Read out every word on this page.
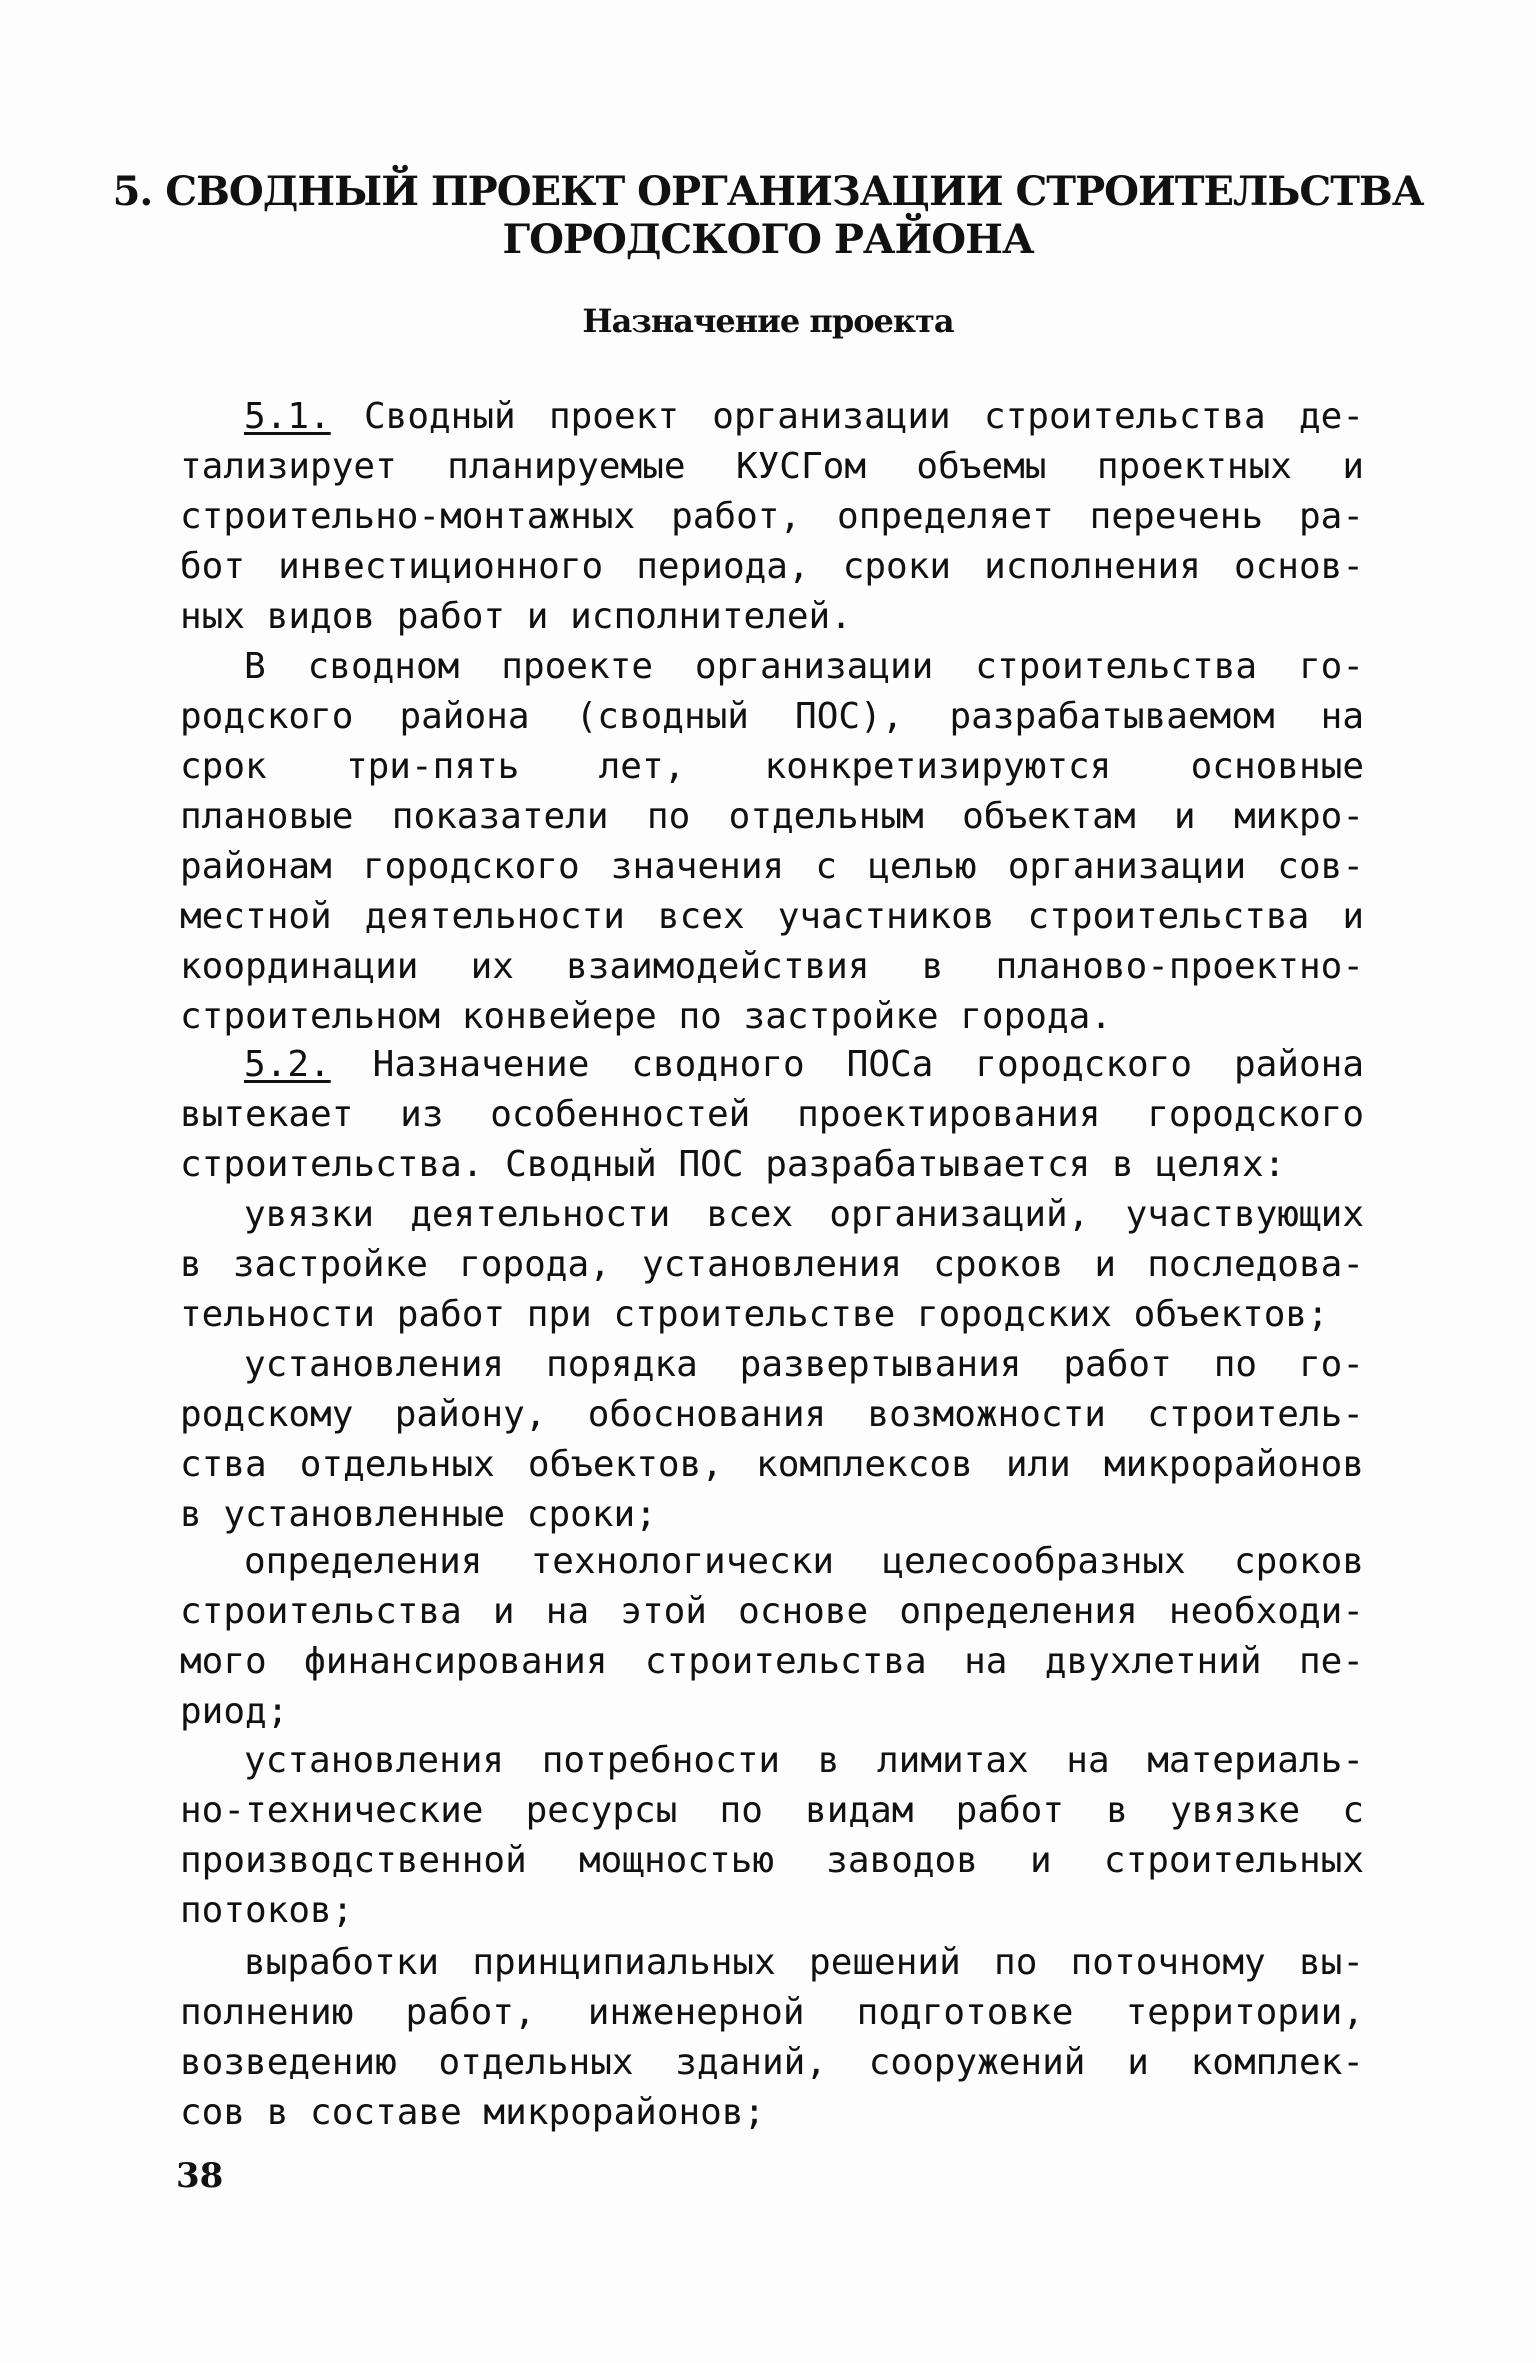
5. СВОДНЫЙ ПРОЕКТ ОРГАНИЗАЦИИ СТРОИТЕЛЬСТВА
ГОРОДСКОГО РАЙОНА
Назначение проекта
5.1. Сводный проект организации строительства де-
тализирует планируемые КУСГом объемы проектных и
строительно-монтажных работ, определяет перечень ра-
бот инвестиционного периода, сроки исполнения основ-
ных видов работ и исполнителей.
В сводном проекте организации строительства го-
родского района (сводный ПОС), разрабатываемом на
срок три-пять лет, конкретизируются основные
плановые показатели по отдельным объектам и микро-
районам городского значения с целью организации сов-
местной деятельности всех участников строительства и
координации их взаимодействия в планово-проектно-
строительном конвейере по застройке города.
5.2. Назначение сводного ПОСа городского района
вытекает из особенностей проектирования городского
строительства. Сводный ПОС разрабатывается в целях:
увязки деятельности всех организаций, участвующих
в застройке города, установления сроков и последова-
тельности работ при строительстве городских объектов;
установления порядка развертывания работ по го-
родскому району, обоснования возможности строитель-
ства отдельных объектов, комплексов или микрорайонов
в установленные сроки;
определения технологически целесообразных сроков
строительства и на этой основе определения необходи-
мого финансирования строительства на двухлетний пе-
риод;
установления потребности в лимитах на материаль-
но-технические ресурсы по видам работ в увязке с
производственной мощностью заводов и строительных
потоков;
выработки принципиальных решений по поточному вы-
полнению работ, инженерной подготовке территории,
возведению отдельных зданий, сооружений и комплек-
сов в составе микрорайонов;
38
